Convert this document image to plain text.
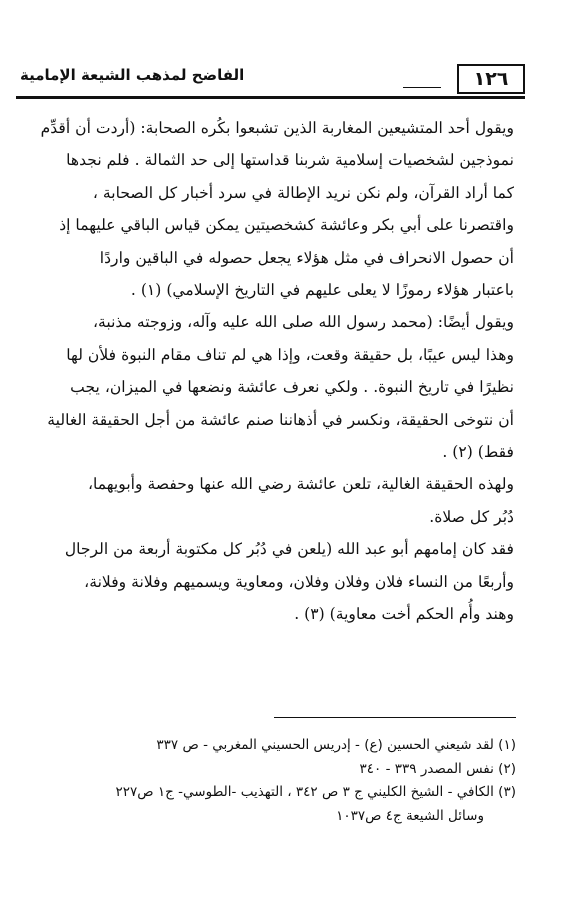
١٢٦
الفاضح لمذهب الشيعة الإمامية

ويقول أحد المتشيعين المغاربة الذين تشبعوا بكُره الصحابة: (أردت أن أقدِّم
نموذجين لشخصيات إسلامية شربنا قداستها إلى حد الثمالة . فلم نجدها
كما أراد القرآن، ولم نكن نريد الإطالة في سرد أخبار كل الصحابة ،
واقتصرنا على أبي بكر وعائشة كشخصيتين يمكن قياس الباقي عليهما إذ
أن حصول الانحراف في مثل هؤلاء يجعل حصوله في الباقين واردًا
باعتبار هؤلاء رموزًا لا يعلى عليهم في التاريخ الإسلامي) (١) .

ويقول أيضًا: (محمد رسول الله صلى الله عليه وآله، وزوجته مذنبة،
وهذا ليس عيبًا، بل حقيقة وقعت، وإذا هي لم تناف مقام النبوة فلأن لها
نظيرًا في تاريخ النبوة. . ولكي نعرف عائشة ونضعها في الميزان، يجب
أن نتوخى الحقيقة، ونكسر في أذهاننا صنم عائشة من أجل الحقيقة الغالية
فقط) (٢) .

ولهذه الحقيقة الغالية، تلعن عائشة رضي الله عنها وحفصة وأبويهما،
دُبُر كل صلاة.

فقد كان إمامهم أبو عبد الله (يلعن في دُبُر كل مكتوبة أربعة من الرجال
وأربعًا من النساء فلان وفلان وفلان، ومعاوية ويسميهم وفلانة وفلانة،
وهند وأُم الحكم أخت معاوية) (٣) .

(١) لقد شيعني الحسين (ع) - إدريس الحسيني المغربي - ص ٣٣٧
(٢) نفس المصدر ٣٣٩ - ٣٤٠
(٣) الكافي - الشيخ الكليني ج ٣ ص ٣٤٢ ، التهذيب -الطوسي- ج١ ص٢٢٧
وسائل الشيعة ج٤ ص١٠٣٧
